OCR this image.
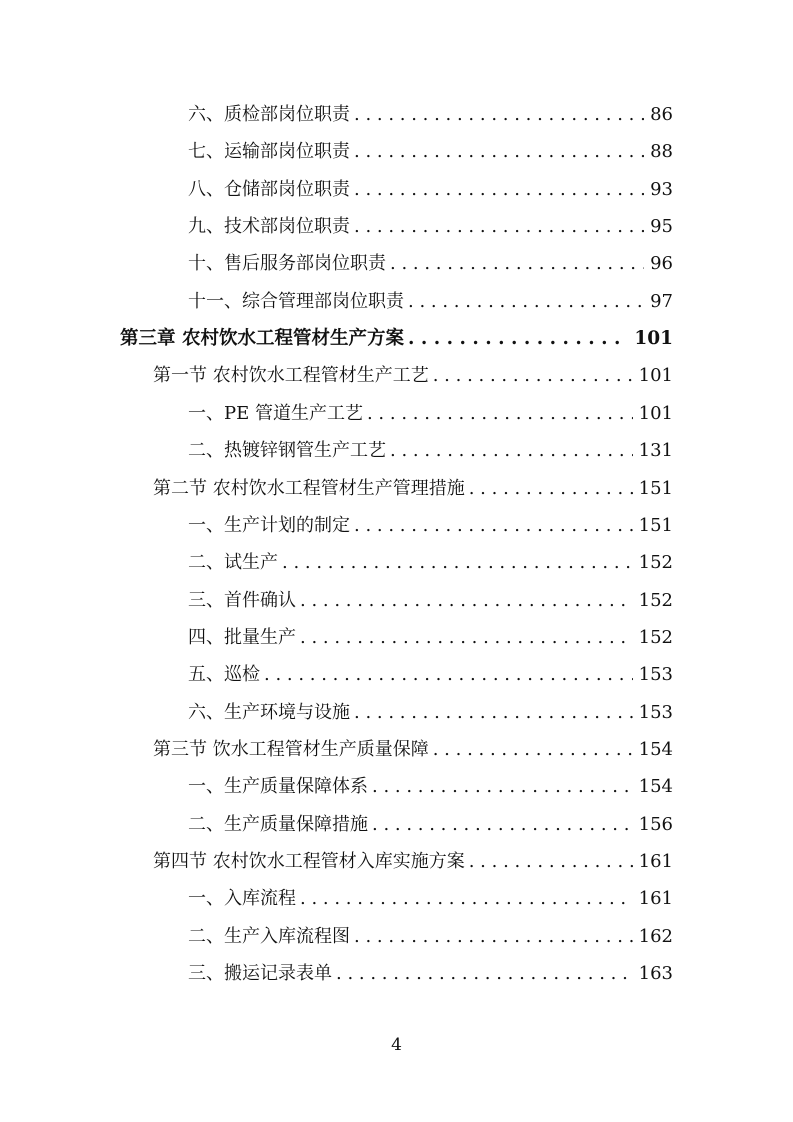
六、质检部岗位职责 . . .	86
七、运输部岗位职责 . . .	88
八、仓储部岗位职责 . . .	93
九、技术部岗位职责 . . .	95
十、售后服务部岗位职责 . . .	96
十一、综合管理部岗位职责 . . .	97
第三章 农村饮水工程管材生产方案 . . .	101
第一节 农村饮水工程管材生产工艺 . . .	101
一、PE 管道生产工艺 . . .	101
二、热镀锌钢管生产工艺 . . .	131
第二节 农村饮水工程管材生产管理措施 . . .	151
一、生产计划的制定 . . .	151
二、试生产 . . .	152
三、首件确认 . . .	152
四、批量生产 . . .	152
五、巡检 . . .	153
六、生产环境与设施 . . .	153
第三节 饮水工程管材生产质量保障 . . .	154
一、生产质量保障体系 . . .	154
二、生产质量保障措施 . . .	156
第四节 农村饮水工程管材入库实施方案 . . .	161
一、入库流程 . . .	161
二、生产入库流程图 . . .	162
三、搬运记录表单 . . .	163
4
